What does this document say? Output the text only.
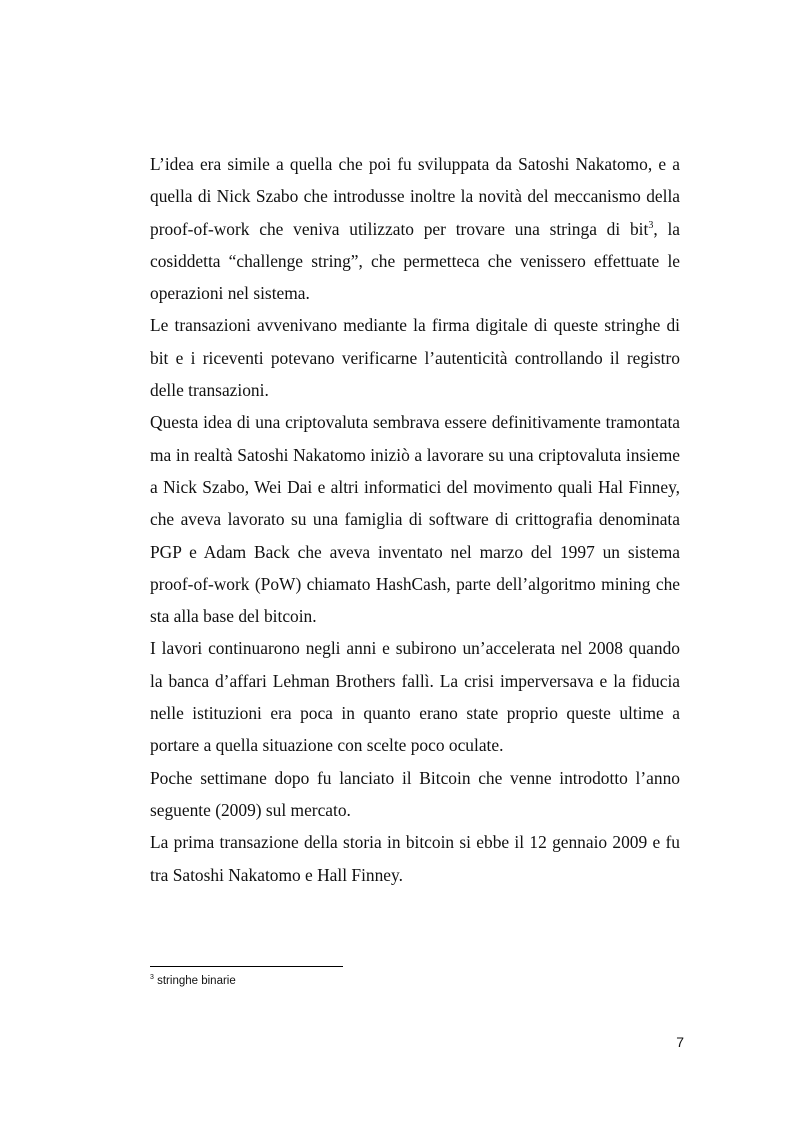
L’idea era simile a quella che poi fu sviluppata da Satoshi Nakatomo, e a quella di Nick Szabo che introdusse inoltre la novità del meccanismo della proof-of-work che veniva utilizzato per trovare una stringa di bit$^3$, la cosiddetta “challenge string”, che permetteca che venissero effettuate le operazioni nel sistema.

Le transazioni avvenivano mediante la firma digitale di queste stringhe di bit e i riceventi potevano verificarne l’autenticità controllando il registro delle transazioni.

Questa idea di una criptovaluta sembrava essere definitivamente tramontata ma in realtà Satoshi Nakatomo iniziò a lavorare su una criptovaluta insieme a Nick Szabo, Wei Dai e altri informatici del movimento quali Hal Finney, che aveva lavorato su una famiglia di software di crittografia denominata PGP e Adam Back che aveva inventato nel marzo del 1997 un sistema proof-of-work (PoW) chiamato HashCash, parte dell’algoritmo mining che sta alla base del bitcoin.

I lavori continuarono negli anni e subirono un’accelerata nel 2008 quando la banca d’affari Lehman Brothers fallì. La crisi imperversava e la fiducia nelle istituzioni era poca in quanto erano state proprio queste ultime a portare a quella situazione con scelte poco oculate.

Poche settimane dopo fu lanciato il Bitcoin che venne introdotto l’anno seguente (2009) sul mercato.

La prima transazione della storia in bitcoin si ebbe il 12 gennaio 2009 e fu tra Satoshi Nakatomo e Hall Finney.

$^3$ stringhe binarie
7
